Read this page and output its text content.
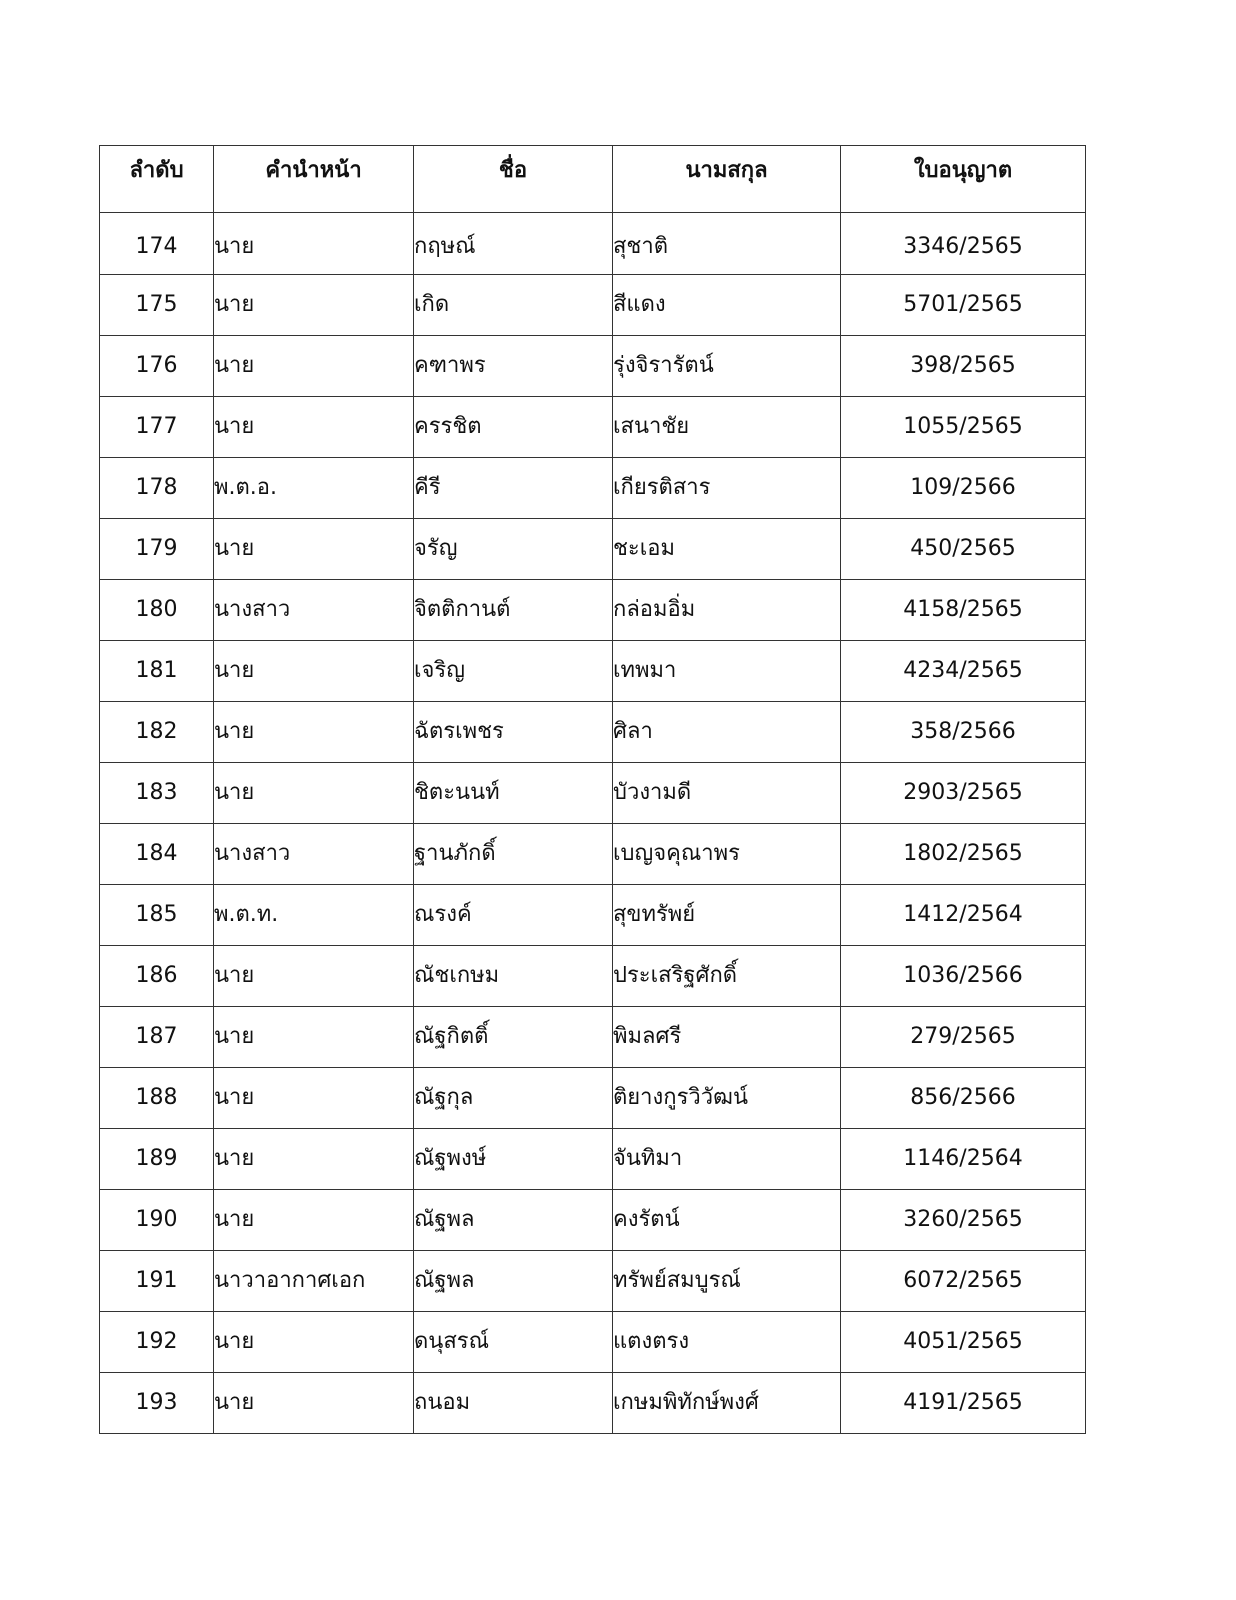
ลำดับ	คำนำหน้า	ชื่อ	นามสกุล	ใบอนุญาต
174	นาย	กฤษณ์	สุชาติ	3346/2565
175	นาย	เกิด	สีแดง	5701/2565
176	นาย	คฑาพร	รุ่งจิรารัตน์	398/2565
177	นาย	ครรชิต	เสนาชัย	1055/2565
178	พ.ต.อ.	คีรี	เกียรติสาร	109/2566
179	นาย	จรัญ	ชะเอม	450/2565
180	นางสาว	จิตติกานต์	กล่อมอิ่ม	4158/2565
181	นาย	เจริญ	เทพมา	4234/2565
182	นาย	ฉัตรเพชร	ศิลา	358/2566
183	นาย	ชิตะนนท์	บัวงามดี	2903/2565
184	นางสาว	ฐานภักดิ์	เบญจคุณาพร	1802/2565
185	พ.ต.ท.	ณรงค์	สุขทรัพย์	1412/2564
186	นาย	ณัชเกษม	ประเสริฐศักดิ์	1036/2566
187	นาย	ณัฐกิตติ์	พิมลศรี	279/2565
188	นาย	ณัฐกุล	ติยางกูรวิวัฒน์	856/2566
189	นาย	ณัฐพงษ์	จันทิมา	1146/2564
190	นาย	ณัฐพล	คงรัตน์	3260/2565
191	นาวาอากาศเอก	ณัฐพล	ทรัพย์สมบูรณ์	6072/2565
192	นาย	ดนุสรณ์	แตงตรง	4051/2565
193	นาย	ถนอม	เกษมพิทักษ์พงศ์	4191/2565
